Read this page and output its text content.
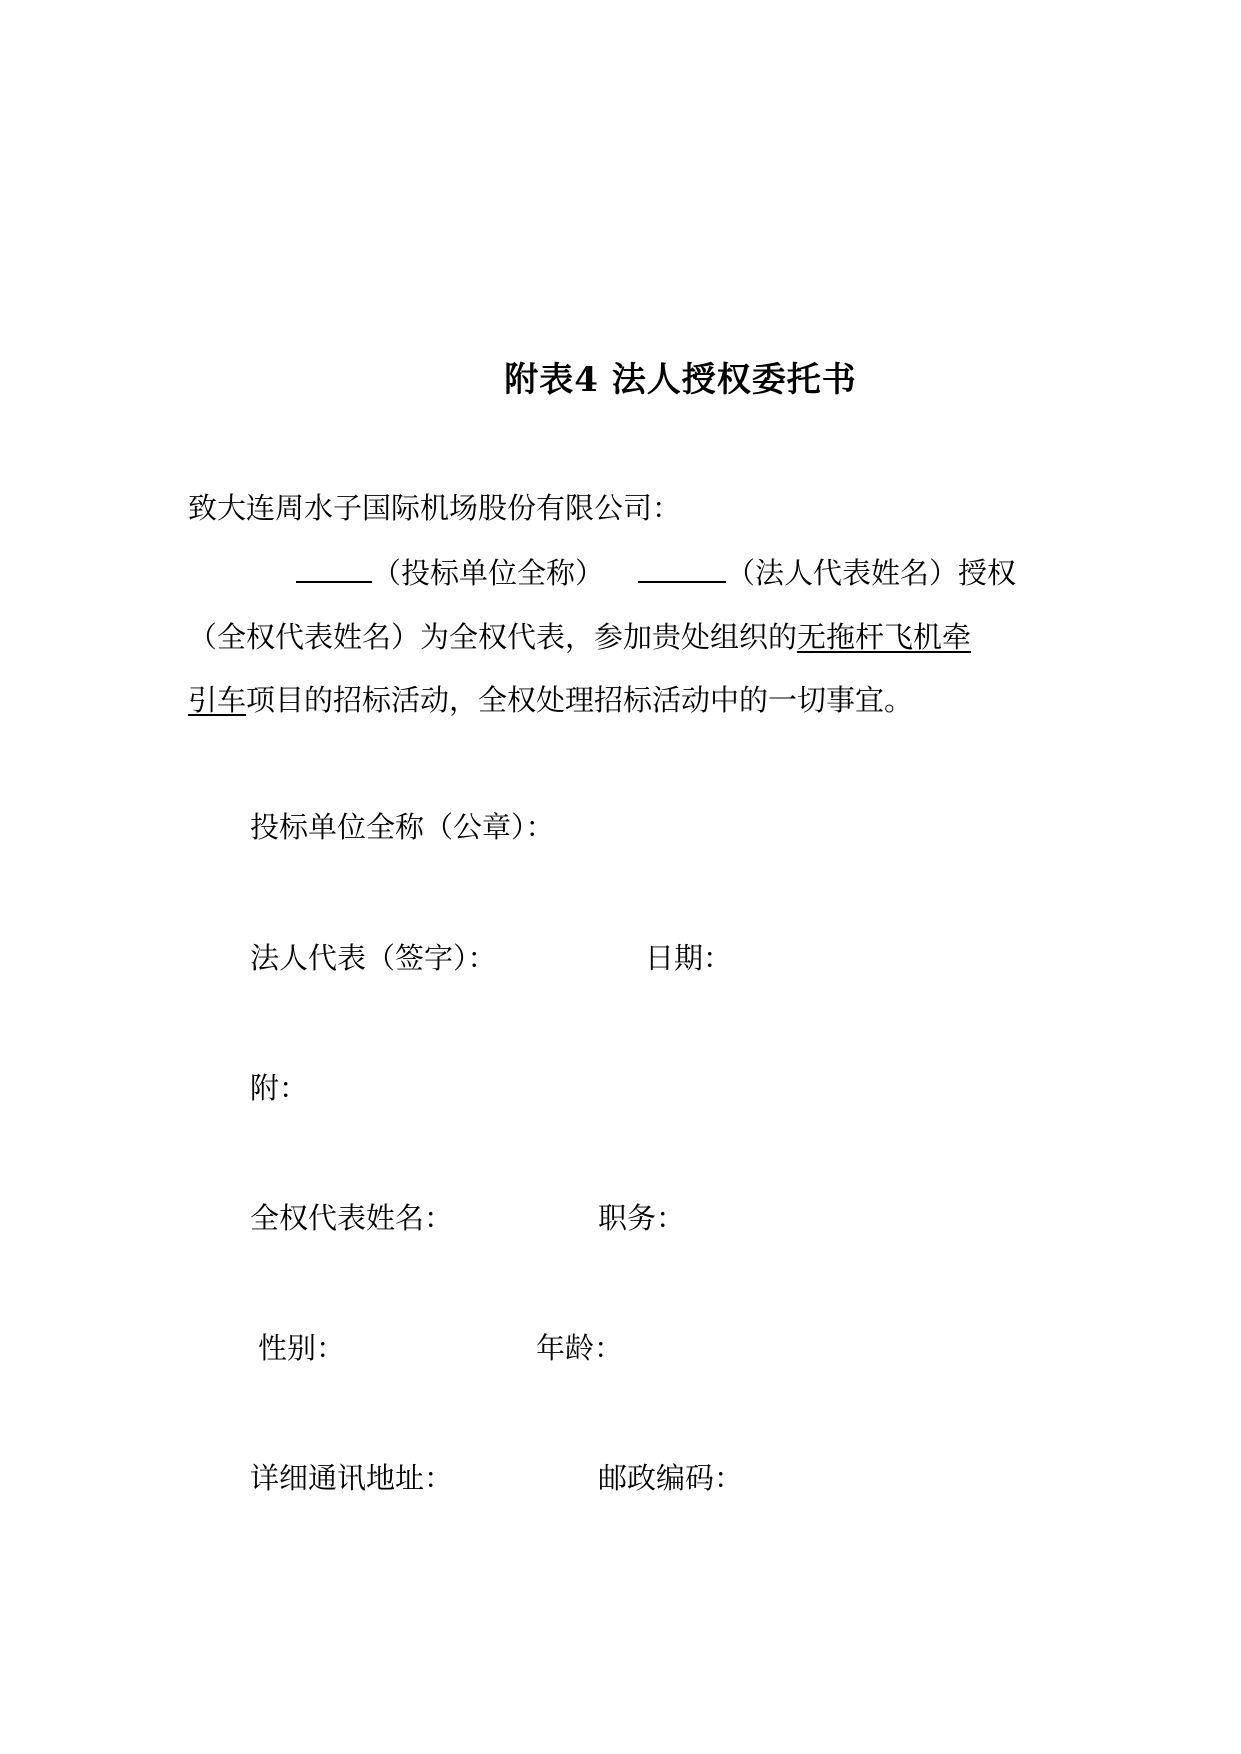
附表4 法人授权委托书
致大连周水子国际机场股份有限公司：
（投标单位全称）	（法人代表姓名）授权
（全权代表姓名）为全权代表，参加贵处组织的无拖杆飞机牵
引车项目的招标活动，全权处理招标活动中的一切事宜。
投标单位全称（公章）：
法人代表（签字）：	日期：
附：
全权代表姓名：	职务：
性别：	年龄：
详细通讯地址：	邮政编码：
